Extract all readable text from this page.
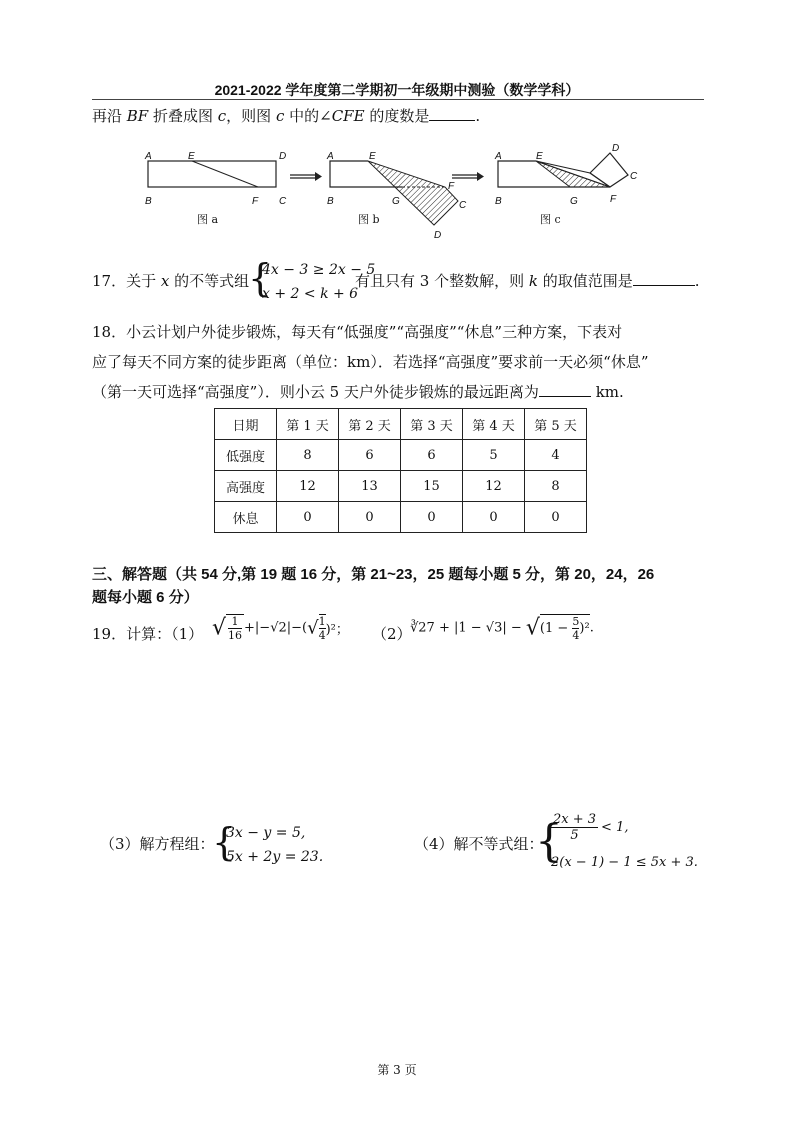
2021-2022 学年度第二学期初一年级期中测验（数学学科）
再沿 BF 折叠成图 c，则图 c 中的∠CFE 的度数是	.
A	E	D
B	F C
图 a
A	E
F
B	G	C
D
图 b
A	E
D
C
B	G	F
图 c
17．关于 x 的不等式组
{
4x − 3 ≥ 2x − 5
x + 2 < k + 6
有且只有 3 个整数解，则 k 的取值范围是	.
18．小云计划户外徒步锻炼，每天有“低强度”“高强度”“休息”三种方案，下表对
应了每天不同方案的徒步距离（单位：km）．若选择“高强度”要求前一天必须“休息”
（第一天可选择“高强度”）．则小云 5 天户外徒步锻炼的最远距离为	km.
日期	第 1 天	第 2 天	第 3 天	第 4 天	第 5 天
低强度	8	6	6	5	4
高强度	12	13	15	12	8
休息	0	0	0	0	0
三、解答题（共 54 分,第 19 题 16 分，第 21~23，25 题每小题 5 分，第 20，24，26
题每小题 6 分）
19．计算：（1） √ $\frac{1}{16} +|-√2|-(√ \frac{1}{4} )^2$； （2）
∛27 + $|1 - √3| - √(1 - \frac{5}{4} )^2$.
（3）解方程组：
{
3x − y = 5,
5x + 2y = 23.
（4）解不等式组：
{
$\frac{2x + 3}{5} < 1$,
2(x − 1) − 1 ≤ 5x + 3.
第 3 页
